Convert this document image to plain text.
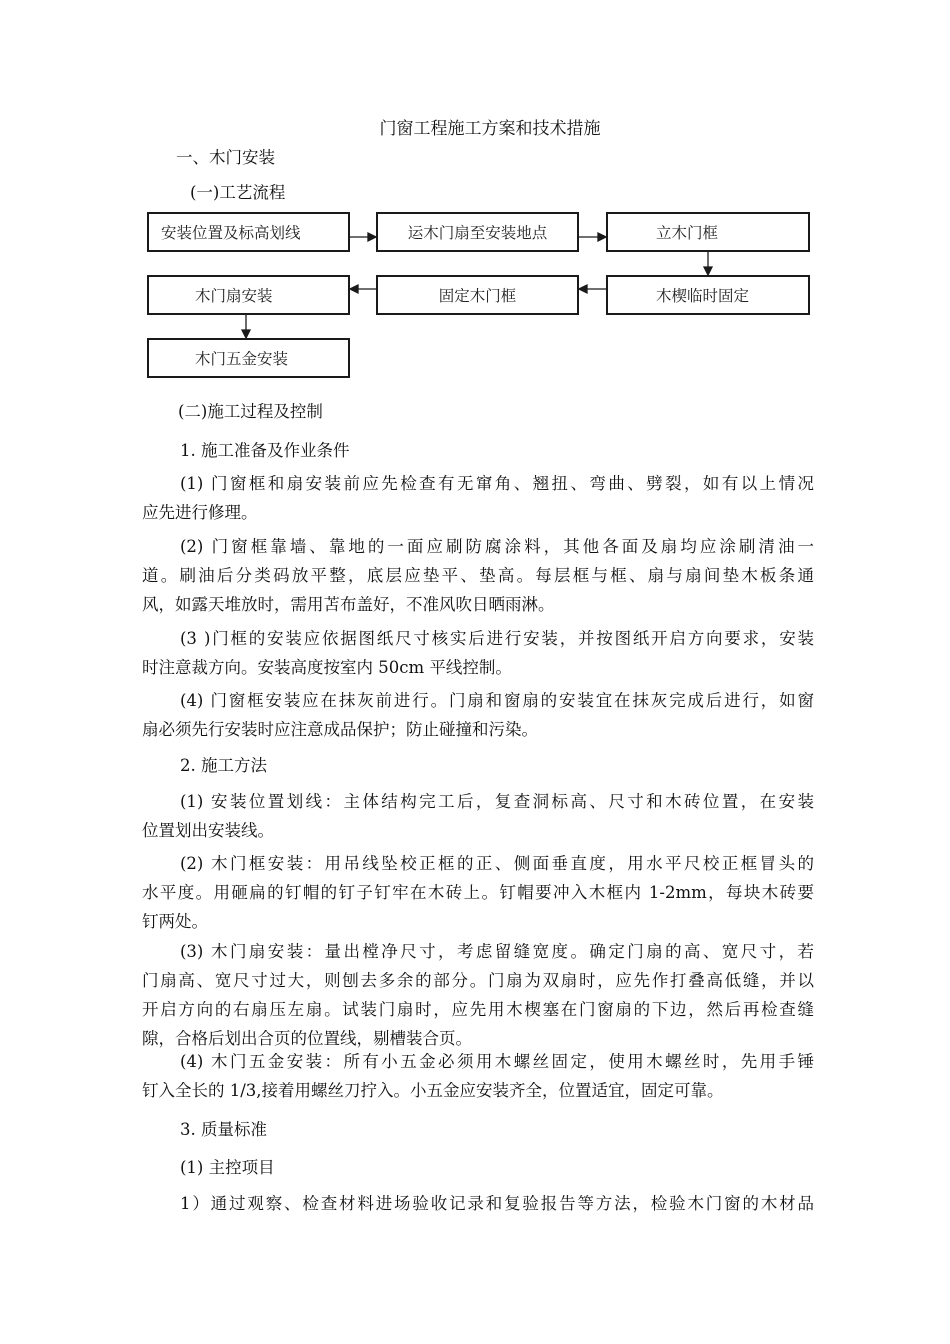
门窗工程施工方案和技术措施
一、木门安装
(一)工艺流程
安装位置及标高划线	运木门扇至安装地点	立木门框
木楔临时固定
固定木门框
木门扇安装
木门五金安装
(二)施工过程及控制
1. 施工准备及作业条件
(1) 门窗框和扇安装前应先检查有无窜角、翘扭、弯曲、劈裂，如有以上情况
应先进行修理。
(2) 门窗框靠墙、靠地的一面应刷防腐涂料，其他各面及扇均应涂刷清油一
道。刷油后分类码放平整，底层应垫平、垫高。每层框与框、扇与扇间垫木板条通
风，如露天堆放时，需用苫布盖好，不准风吹日晒雨淋。
(3 )门框的安装应依据图纸尺寸核实后进行安装，并按图纸开启方向要求，安装
时注意裁方向。安装高度按室内 50cm 平线控制。
(4) 门窗框安装应在抹灰前进行。门扇和窗扇的安装宜在抹灰完成后进行，如窗
扇必须先行安装时应注意成品保护；防止碰撞和污染。
2. 施工方法
(1) 安装位置划线：主体结构完工后，复查洞标高、尺寸和木砖位置，在安装
位置划出安装线。
(2) 木门框安装：用吊线坠校正框的正、侧面垂直度，用水平尺校正框冒头的
水平度。用砸扁的钉帽的钉子钉牢在木砖上。钉帽要冲入木框内 1-2mm，每块木砖要
钉两处。
(3) 木门扇安装：量出樘净尺寸，考虑留缝宽度。确定门扇的高、宽尺寸，若
门扇高、宽尺寸过大，则刨去多余的部分。门扇为双扇时，应先作打叠高低缝，并以
开启方向的右扇压左扇。试装门扇时，应先用木楔塞在门窗扇的下边，然后再检查缝
隙，合格后划出合页的位置线，剔槽装合页。
(4) 木门五金安装：所有小五金必须用木螺丝固定，使用木螺丝时，先用手锤
钉入全长的 1/3,接着用螺丝刀拧入。小五金应安装齐全，位置适宜，固定可靠。
3. 质量标准
(1) 主控项目
1）通过观察、检查材料进场验收记录和复验报告等方法，检验木门窗的木材品
